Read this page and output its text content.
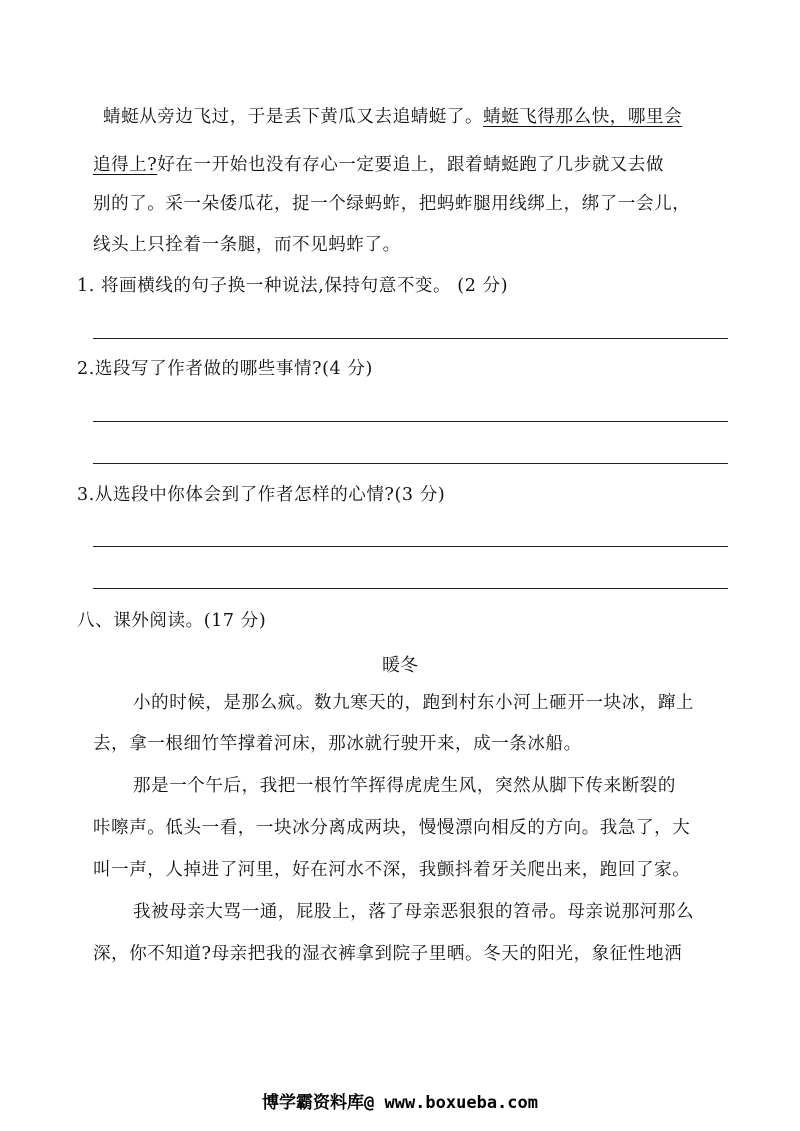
蜻蜓从旁边飞过，于是丢下黄瓜又去追蜻蜓了。蜻蜓飞得那么快，哪里会
追得上?好在一开始也没有存心一定要追上，跟着蜻蜓跑了几步就又去做
别的了。采一朵倭瓜花，捉一个绿蚂蚱，把蚂蚱腿用线绑上，绑了一会儿，
线头上只拴着一条腿，而不见蚂蚱了。
1. 将画横线的句子换一种说法,保持句意不变。 (2 分)
2.选段写了作者做的哪些事情?(4 分)
3.从选段中你体会到了作者怎样的心情?(3 分)
八、课外阅读。(17 分)
暖冬
小的时候，是那么疯。数九寒天的，跑到村东小河上砸开一块冰，蹿上
去，拿一根细竹竿撑着河床，那冰就行驶开来，成一条冰船。
那是一个午后，我把一根竹竿挥得虎虎生风，突然从脚下传来断裂的
咔嚓声。低头一看，一块冰分离成两块，慢慢漂向相反的方向。我急了，大
叫一声，人掉进了河里，好在河水不深，我颤抖着牙关爬出来，跑回了家。
我被母亲大骂一通，屁股上，落了母亲恶狠狠的笤帚。母亲说那河那么
深，你不知道?母亲把我的湿衣裤拿到院子里晒。冬天的阳光，象征性地洒
博学霸资料库@ www.boxueba.com
